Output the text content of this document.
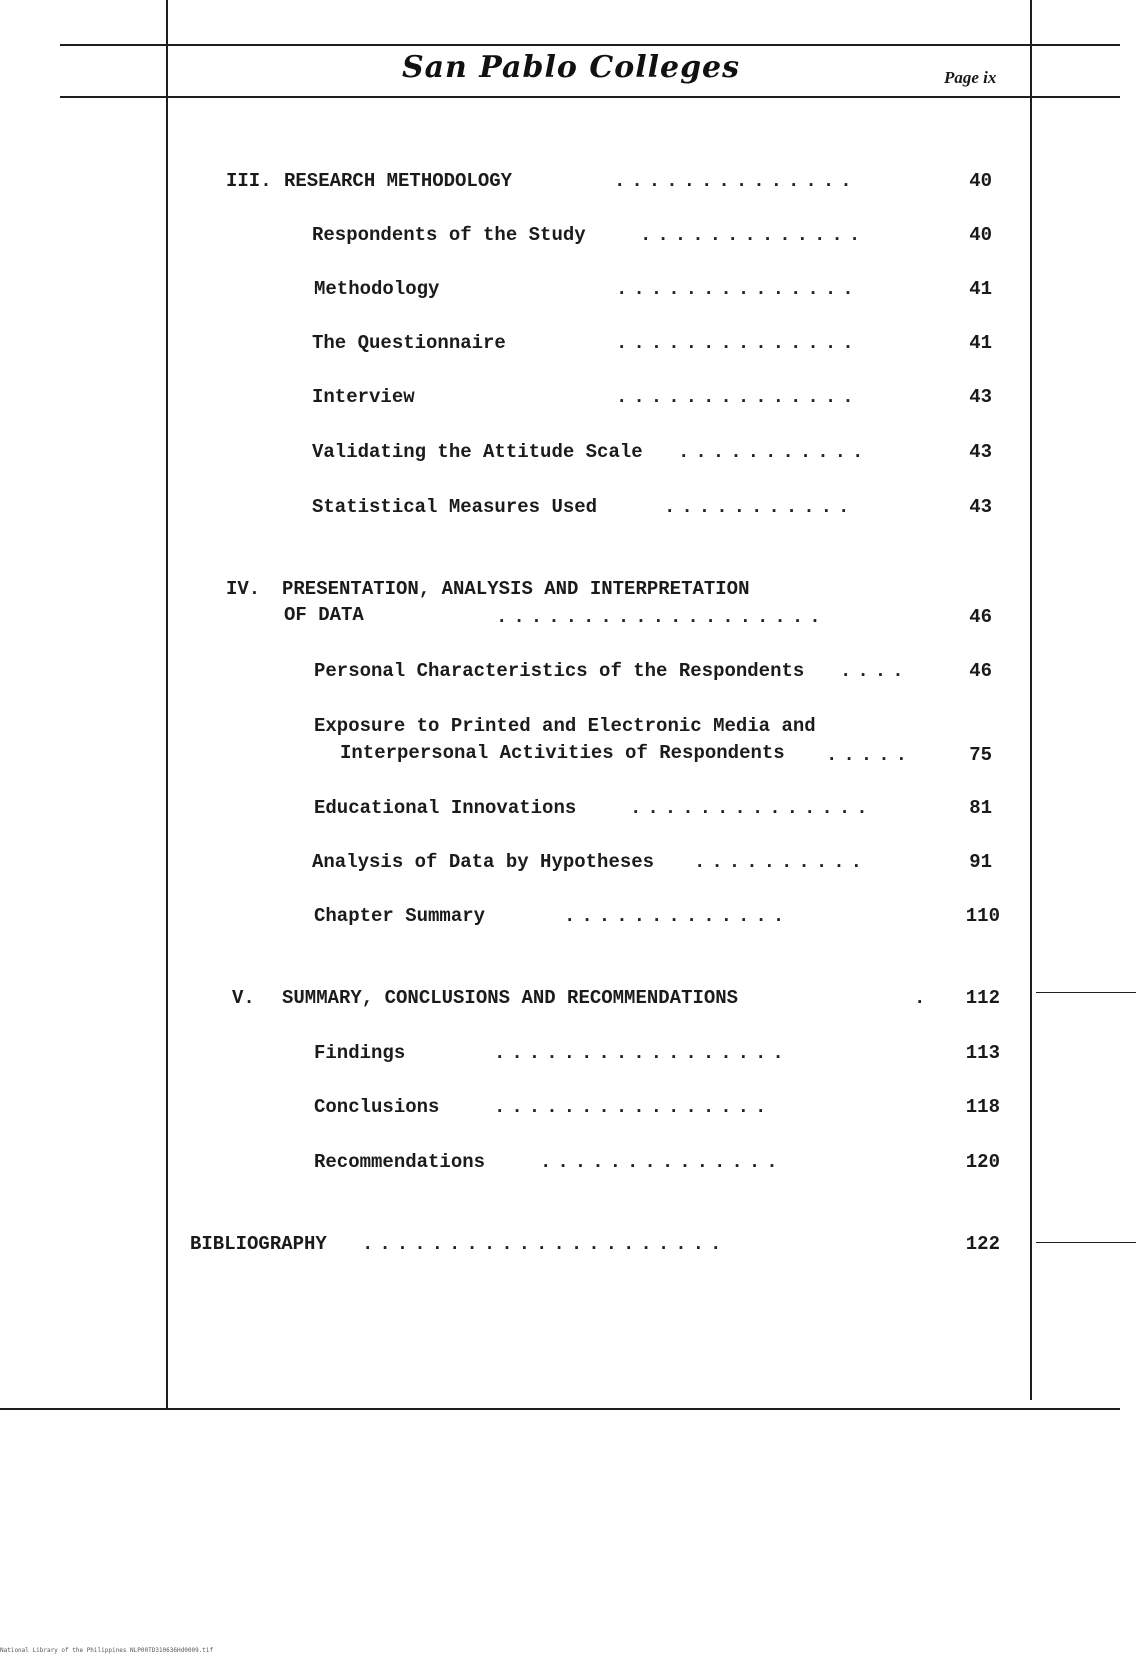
San Pablo Colleges	Page ix
III. RESEARCH METHODOLOGY	..............	40
Respondents of the Study	.............	40
Methodology	..............	41
The Questionnaire	..............	41
Interview	..............	43
Validating the Attitude Scale ...........	43
Statistical Measures Used	...........	43
IV. PRESENTATION, ANALYSIS AND INTERPRETATION
OF DATA	...................	46
Personal Characteristics of the Respondents ....	46
Exposure to Printed and Electronic Media and
Interpersonal Activities of Respondents .....	75
Educational Innovations	..............	81
Analysis of Data by Hypotheses ..........	91
Chapter Summary	.............	110
V. SUMMARY, CONCLUSIONS AND RECOMMENDATIONS	.	112
Findings	.................	113
Conclusions	................	118
Recommendations	..............	120
BIBLIOGRAPHY .....................	122
National Library of the Philippines NLP00TD310636Hd0009.tif
